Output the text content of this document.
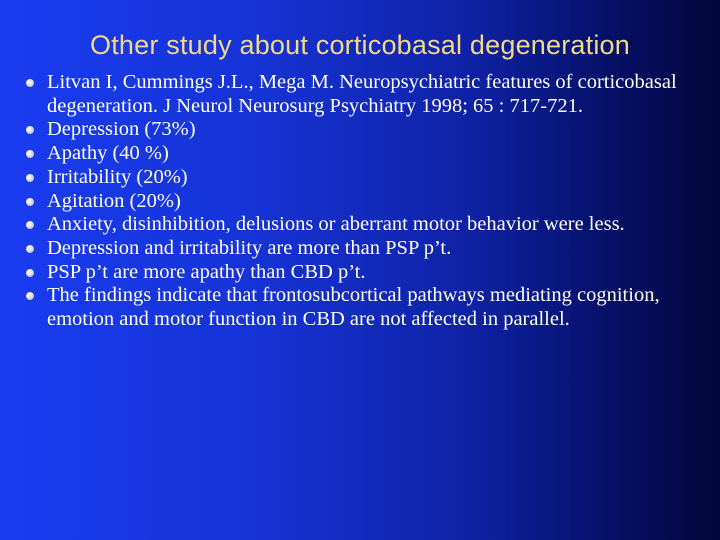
Other study about corticobasal degeneration
Litvan I, Cummings J.L., Mega M. Neuropsychiatric features of corticobasal degeneration. J Neurol Neurosurg Psychiatry 1998; 65 : 717-721.
Depression (73%)
Apathy (40 %)
Irritability (20%)
Agitation (20%)
Anxiety, disinhibition, delusions or aberrant motor behavior were less.
Depression and irritability are more than PSP p’t.
PSP p’t are more apathy than CBD p’t.
The findings indicate that frontosubcortical pathways mediating cognition, emotion and motor function in CBD are not affected in parallel.
